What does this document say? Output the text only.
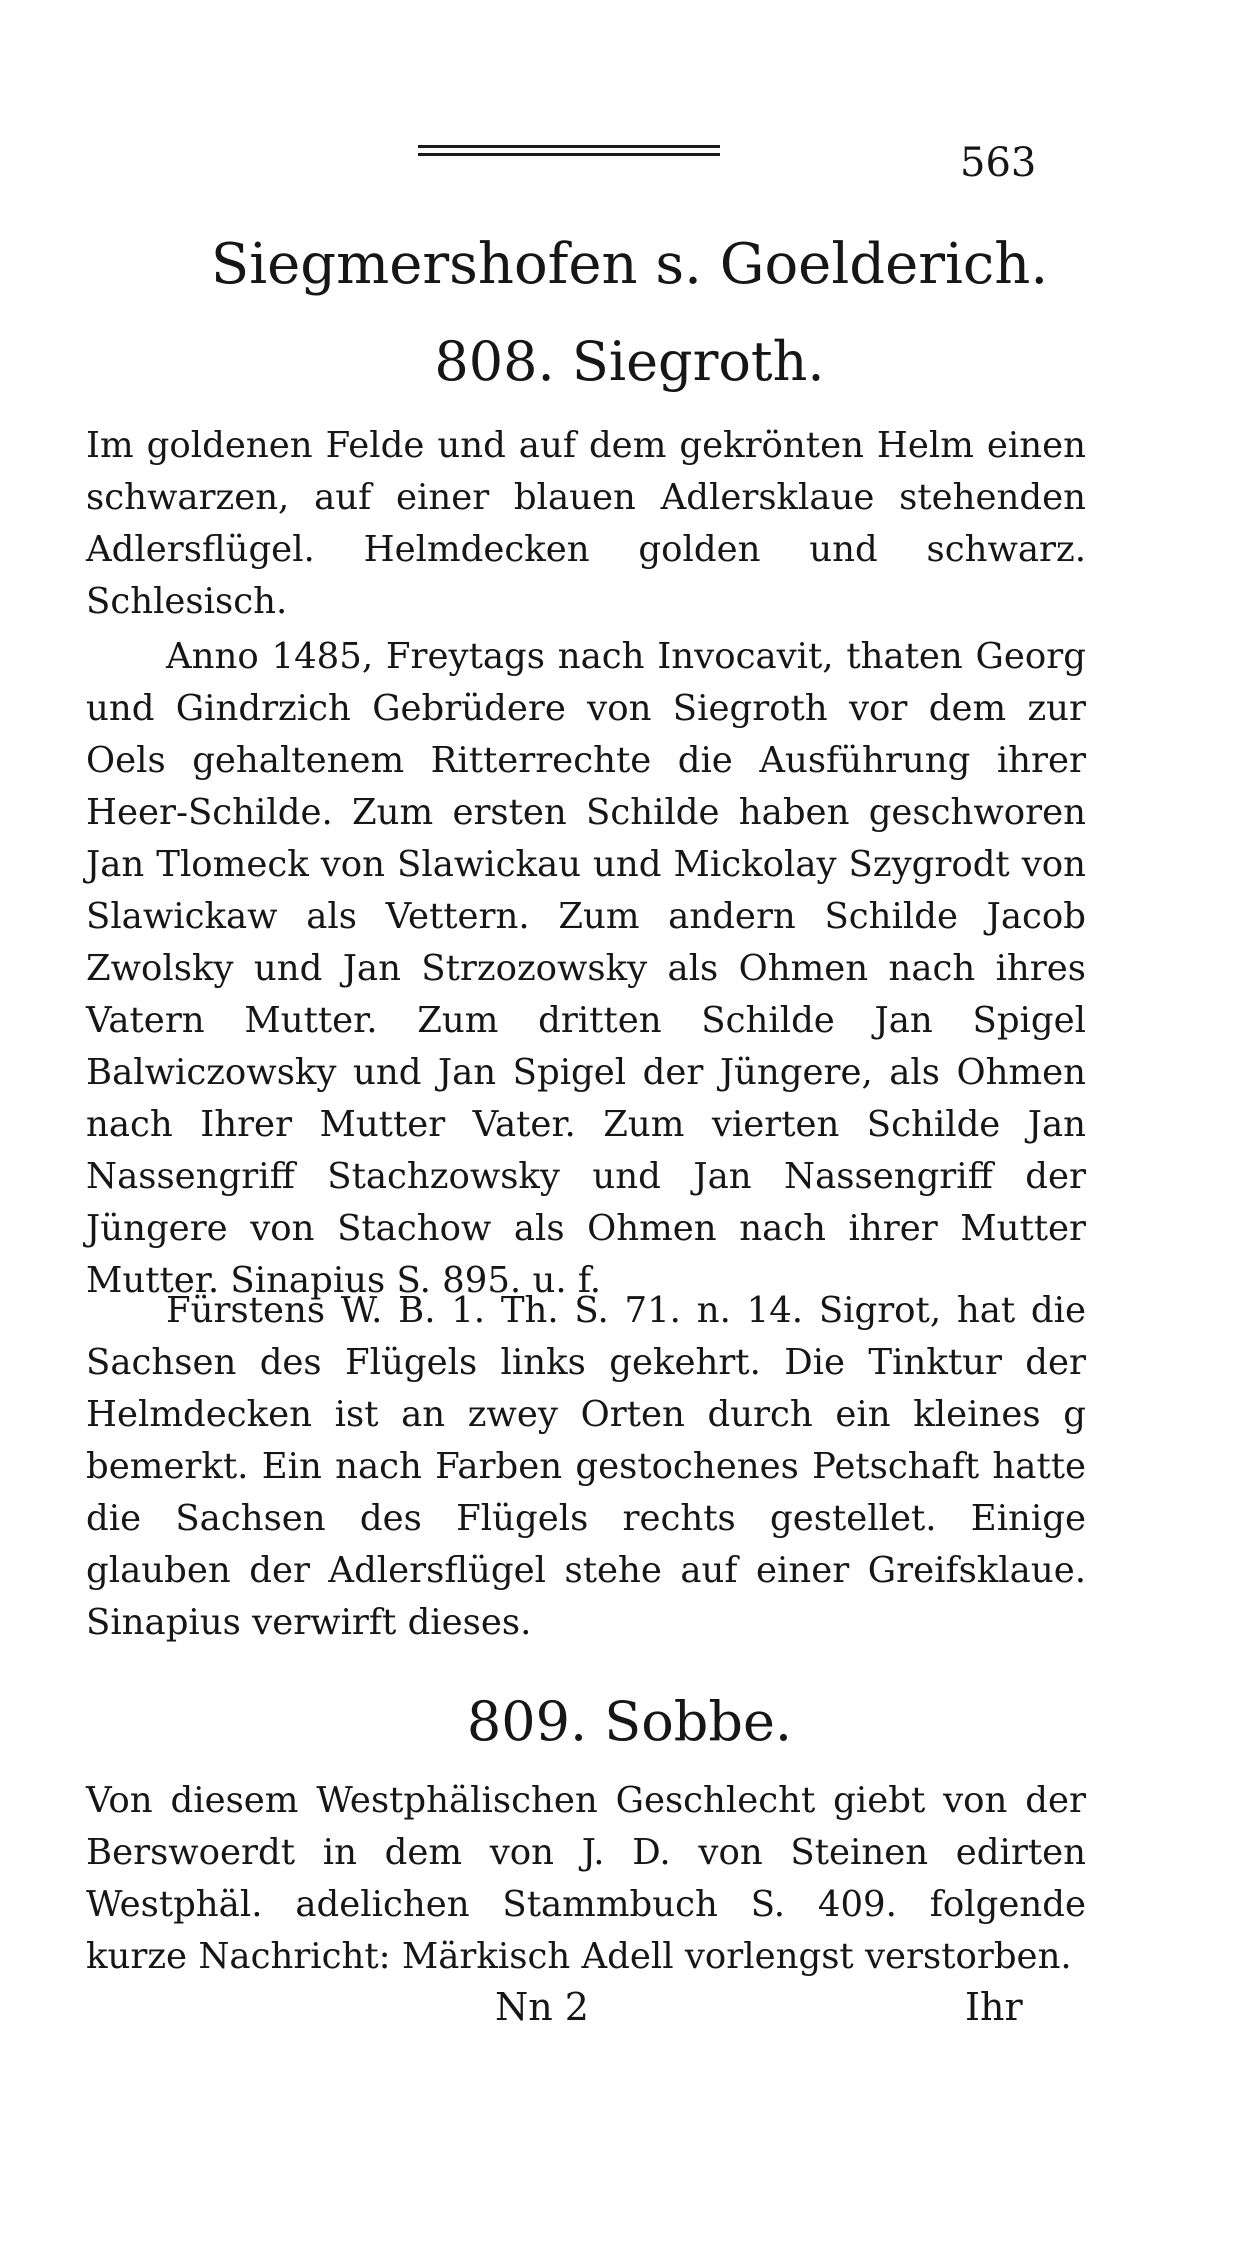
563
Siegmershofen s. Goelderich.
808. Siegroth.

Im goldenen Felde und auf dem gekrönten Helm einen schwarzen, auf einer blauen Adlersklaue stehenden Adlersflügel. Helmdecken golden und schwarz. Schlesisch.

Anno 1485, Freytags nach Invocavit, thaten Georg und Gindrzich Gebrüdere von Siegroth vor dem zur Oels gehaltenem Ritterrechte die Ausführung ihrer Heer-Schilde. Zum ersten Schilde haben geschworen Jan Tlomeck von Slawickau und Mickolay Szygrodt von Slawickaw als Vettern. Zum andern Schilde Jacob Zwolsky und Jan Strzozowsky als Ohmen nach ihres Vatern Mutter. Zum dritten Schilde Jan Spigel Balwiczowsky und Jan Spigel der Jüngere, als Ohmen nach Ihrer Mutter Vater. Zum vierten Schilde Jan Nassengriff Stachzowsky und Jan Nassengriff der Jüngere von Stachow als Ohmen nach ihrer Mutter Mutter. Sinapius S. 895. u. f.

Fürstens W. B. 1. Th. S. 71. n. 14. Sigrot, hat die Sachsen des Flügels links gekehrt. Die Tinktur der Helmdecken ist an zwey Orten durch ein kleines g bemerkt. Ein nach Farben gestochenes Petschaft hatte die Sachsen des Flügels rechts gestellet. Einige glauben der Adlersflügel stehe auf einer Greifsklaue. Sinapius verwirft dieses.

809. Sobbe.

Von diesem Westphälischen Geschlecht giebt von der Berswoerdt in dem von J. D. von Steinen edirten Westphäl. adelichen Stammbuch S. 409. folgende kurze Nachricht: Märkisch Adell vorlengst verstorben.

Nn 2	Ihr
